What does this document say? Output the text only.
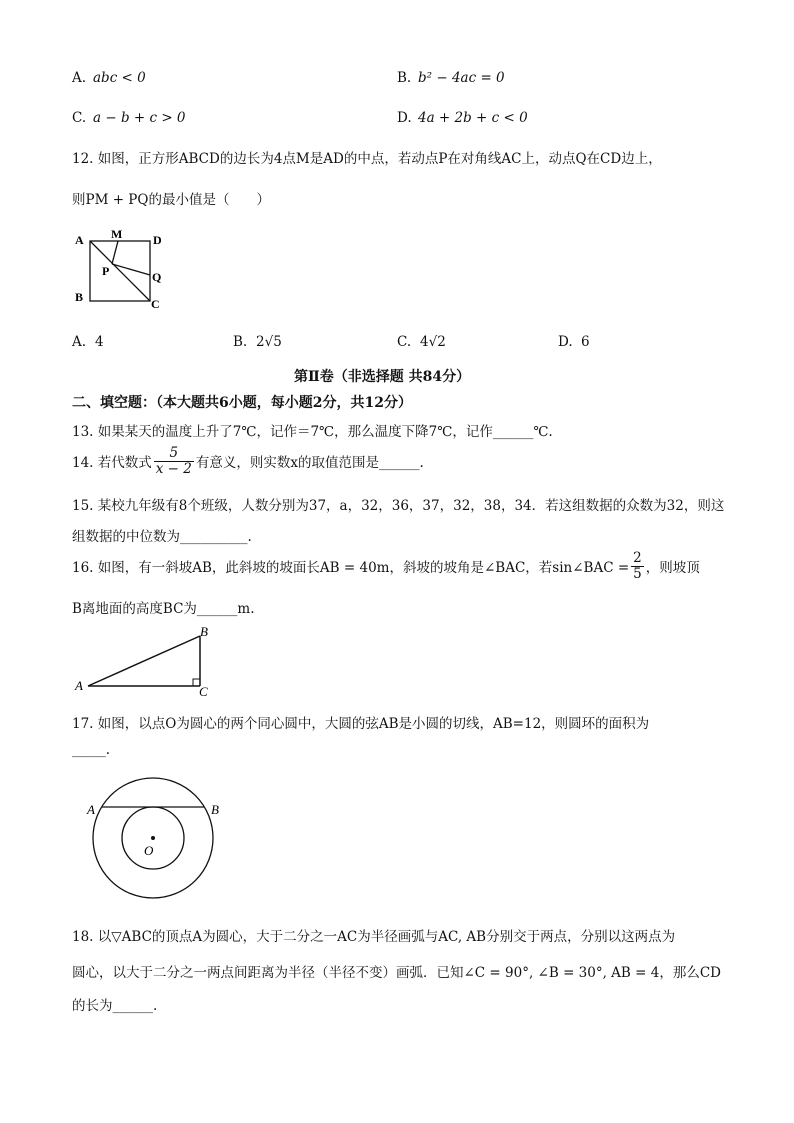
A. abc < 0	B. b² − 4ac = 0
C. a − b + c > 0	D. 4a + 2b + c < 0
12. 如图，正方形ABCD的边长为4点M是AD的中点，若动点P在对角线AC上，动点Q在CD边上，
则PM + PQ的最小值是（　　）
A M	D
P	Q
B	C
A. 4	B. 2√5	C. 4√2	D. 6
第Ⅱ卷（非选择题 共84分）
二、填空题：（本大题共6小题，每小题2分，共12分）
13. 如果某天的温度上升了7℃，记作＝7℃，那么温度下降7℃，记作______℃.
14. 若代数式 $\frac{5}{x - 2}$ 有意义，则实数x的取值范围是______.
15. 某校九年级有8个班级，人数分别为37，a，32，36，37，32，38，34．若这组数据的众数为32，则这
组数据的中位数为__________.
16. 如图，有一斜坡AB，此斜坡的坡面长AB = 40m，斜坡的坡角是∠BAC，若sin∠BAC = $\frac{2}{5}$ ，则坡顶
B离地面的高度BC为______m.
A
B
C
17. 如图，以点O为圆心的两个同心圆中，大圆的弦AB是小圆的切线，AB=12，则圆环的面积为
_____.
A	B
O
18. 以▽ABC的顶点A为圆心，大于二分之一AC为半径画弧与AC, AB分别交于两点，分别以这两点为
圆心，以大于二分之一两点间距离为半径（半径不变）画弧．已知∠C = 90°, ∠B = 30°, AB = 4，那么CD
的长为______.
